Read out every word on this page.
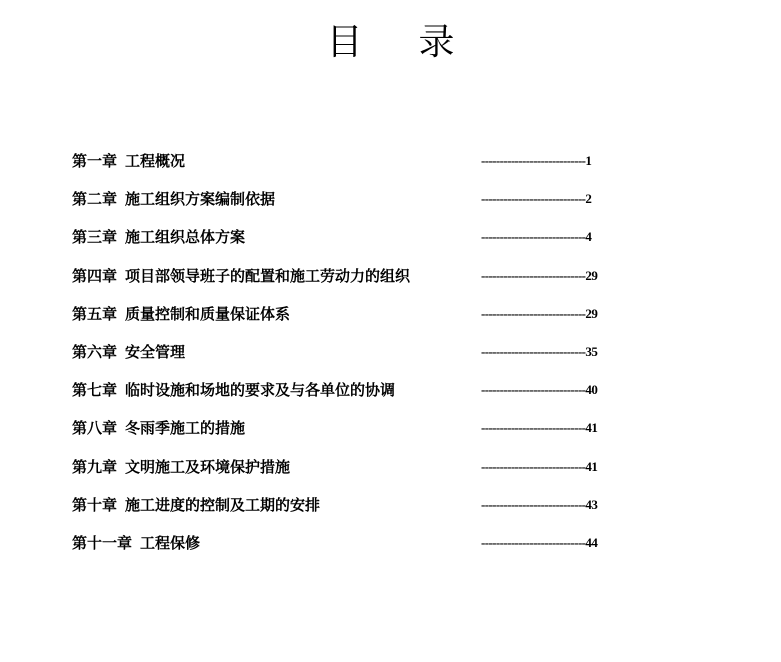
目 录
第一章 工程概况	----------------------------1
第二章 施工组织方案编制依据	----------------------------2
第三章 施工组织总体方案	----------------------------4
第四章 项目部领导班子的配置和施工劳动力的组织	----------------------------29
第五章 质量控制和质量保证体系	----------------------------29
第六章 安全管理	----------------------------35
第七章 临时设施和场地的要求及与各单位的协调	----------------------------40
第八章 冬雨季施工的措施	----------------------------41
第九章 文明施工及环境保护措施	----------------------------41
第十章 施工进度的控制及工期的安排	----------------------------43
第十一章 工程保修	----------------------------44
